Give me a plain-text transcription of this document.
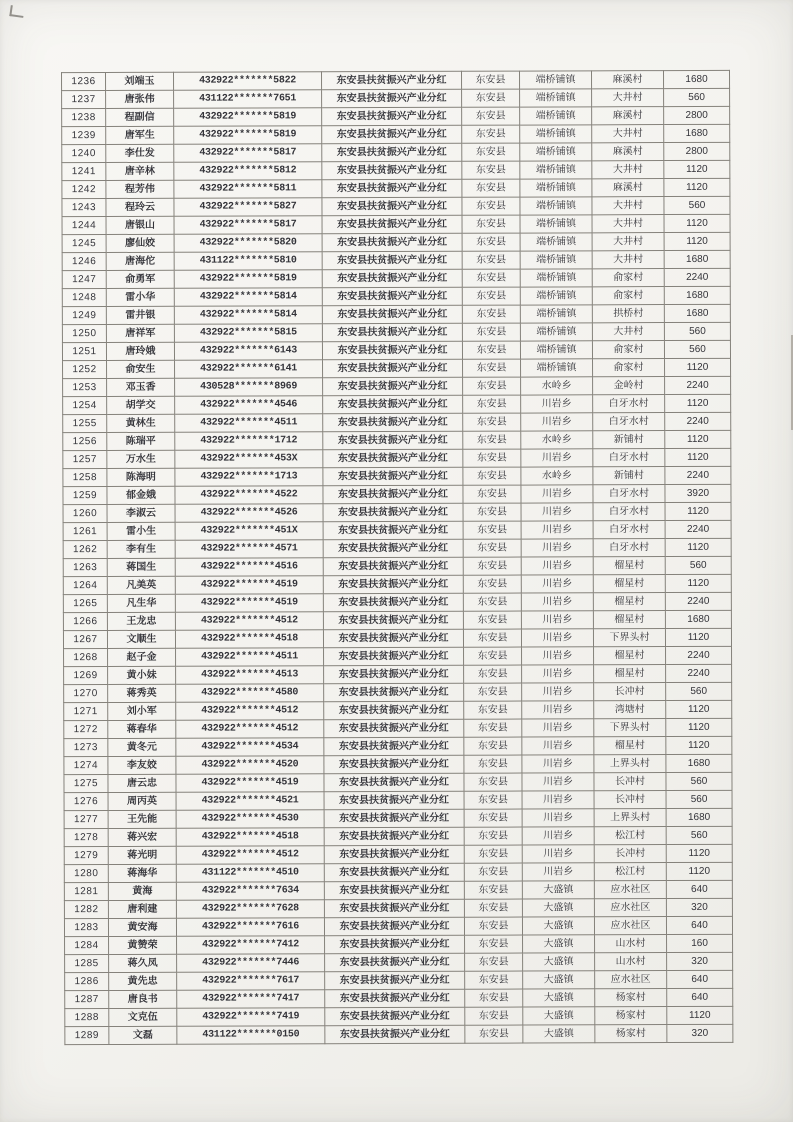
1236	刘端玉	432922*******5822	东安县扶贫振兴产业分红	东安县	端桥铺镇	麻溪村	1680
1237	唐张伟	431122*******7651	东安县扶贫振兴产业分红	东安县	端桥铺镇	大井村	560
1238	程副信	432922*******5819	东安县扶贫振兴产业分红	东安县	端桥铺镇	麻溪村	2800
1239	唐军生	432922*******5819	东安县扶贫振兴产业分红	东安县	端桥铺镇	大井村	1680
1240	李仕发	432922*******5817	东安县扶贫振兴产业分红	东安县	端桥铺镇	麻溪村	2800
1241	唐辛林	432922*******5812	东安县扶贫振兴产业分红	东安县	端桥铺镇	大井村	1120
1242	程芳伟	432922*******5811	东安县扶贫振兴产业分红	东安县	端桥铺镇	麻溪村	1120
1243	程玲云	432922*******5827	东安县扶贫振兴产业分红	东安县	端桥铺镇	大井村	560
1244	唐银山	432922*******5817	东安县扶贫振兴产业分红	东安县	端桥铺镇	大井村	1120
1245	廖仙姣	432922*******5820	东安县扶贫振兴产业分红	东安县	端桥铺镇	大井村	1120
1246	唐海佗	431122*******5810	东安县扶贫振兴产业分红	东安县	端桥铺镇	大井村	1680
1247	俞勇军	432922*******5819	东安县扶贫振兴产业分红	东安县	端桥铺镇	俞家村	2240
1248	雷小华	432922*******5814	东安县扶贫振兴产业分红	东安县	端桥铺镇	俞家村	1680
1249	雷井银	432922*******5814	东安县扶贫振兴产业分红	东安县	端桥铺镇	拱桥村	1680
1250	唐祥军	432922*******5815	东安县扶贫振兴产业分红	东安县	端桥铺镇	大井村	560
1251	唐玲娥	432922*******6143	东安县扶贫振兴产业分红	东安县	端桥铺镇	俞家村	560
1252	俞安生	432922*******6141	东安县扶贫振兴产业分红	东安县	端桥铺镇	俞家村	1120
1253	邓玉香	430528*******8969	东安县扶贫振兴产业分红	东安县	水岭乡	金岭村	2240
1254	胡学交	432922*******4546	东安县扶贫振兴产业分红	东安县	川岩乡	白牙水村	1120
1255	黄林生	432922*******4511	东安县扶贫振兴产业分红	东安县	川岩乡	白牙水村	2240
1256	陈瑞平	432922*******1712	东安县扶贫振兴产业分红	东安县	水岭乡	新铺村	1120
1257	万水生	432922*******453X	东安县扶贫振兴产业分红	东安县	川岩乡	白牙水村	1120
1258	陈海明	432922*******1713	东安县扶贫振兴产业分红	东安县	水岭乡	新铺村	2240
1259	郁金娥	432922*******4522	东安县扶贫振兴产业分红	东安县	川岩乡	白牙水村	3920
1260	李淑云	432922*******4526	东安县扶贫振兴产业分红	东安县	川岩乡	白牙水村	1120
1261	雷小生	432922*******451X	东安县扶贫振兴产业分红	东安县	川岩乡	白牙水村	2240
1262	李有生	432922*******4571	东安县扶贫振兴产业分红	东安县	川岩乡	白牙水村	1120
1263	蒋国生	432922*******4516	东安县扶贫振兴产业分红	东安县	川岩乡	榴星村	560
1264	凡美英	432922*******4519	东安县扶贫振兴产业分红	东安县	川岩乡	榴星村	1120
1265	凡生华	432922*******4519	东安县扶贫振兴产业分红	东安县	川岩乡	榴星村	2240
1266	王龙忠	432922*******4512	东安县扶贫振兴产业分红	东安县	川岩乡	榴星村	1680
1267	文顺生	432922*******4518	东安县扶贫振兴产业分红	东安县	川岩乡	下界头村	1120
1268	赵子金	432922*******4511	东安县扶贫振兴产业分红	东安县	川岩乡	榴星村	2240
1269	黄小妹	432922*******4513	东安县扶贫振兴产业分红	东安县	川岩乡	榴星村	2240
1270	蒋秀英	432922*******4580	东安县扶贫振兴产业分红	东安县	川岩乡	长冲村	560
1271	刘小军	432922*******4512	东安县扶贫振兴产业分红	东安县	川岩乡	湾塘村	1120
1272	蒋春华	432922*******4512	东安县扶贫振兴产业分红	东安县	川岩乡	下界头村	1120
1273	黄冬元	432922*******4534	东安县扶贫振兴产业分红	东安县	川岩乡	榴星村	1120
1274	李友姣	432922*******4520	东安县扶贫振兴产业分红	东安县	川岩乡	上界头村	1680
1275	唐云忠	432922*******4519	东安县扶贫振兴产业分红	东安县	川岩乡	长冲村	560
1276	周丙英	432922*******4521	东安县扶贫振兴产业分红	东安县	川岩乡	长冲村	560
1277	王先能	432922*******4530	东安县扶贫振兴产业分红	东安县	川岩乡	上界头村	1680
1278	蒋兴宏	432922*******4518	东安县扶贫振兴产业分红	东安县	川岩乡	松江村	560
1279	蒋光明	432922*******4512	东安县扶贫振兴产业分红	东安县	川岩乡	长冲村	1120
1280	蒋海华	431122*******4510	东安县扶贫振兴产业分红	东安县	川岩乡	松江村	1120
1281	黄海	432922*******7634	东安县扶贫振兴产业分红	东安县	大盛镇	应水社区	640
1282	唐利建	432922*******7628	东安县扶贫振兴产业分红	东安县	大盛镇	应水社区	320
1283	黄安海	432922*******7616	东安县扶贫振兴产业分红	东安县	大盛镇	应水社区	640
1284	黄赞荣	432922*******7412	东安县扶贫振兴产业分红	东安县	大盛镇	山水村	160
1285	蒋久凤	432922*******7446	东安县扶贫振兴产业分红	东安县	大盛镇	山水村	320
1286	黄先忠	432922*******7617	东安县扶贫振兴产业分红	东安县	大盛镇	应水社区	640
1287	唐良书	432922*******7417	东安县扶贫振兴产业分红	东安县	大盛镇	杨家村	640
1288	文克伍	432922*******7419	东安县扶贫振兴产业分红	东安县	大盛镇	杨家村	1120
1289	文磊	431122*******0150	东安县扶贫振兴产业分红	东安县	大盛镇	杨家村	320
